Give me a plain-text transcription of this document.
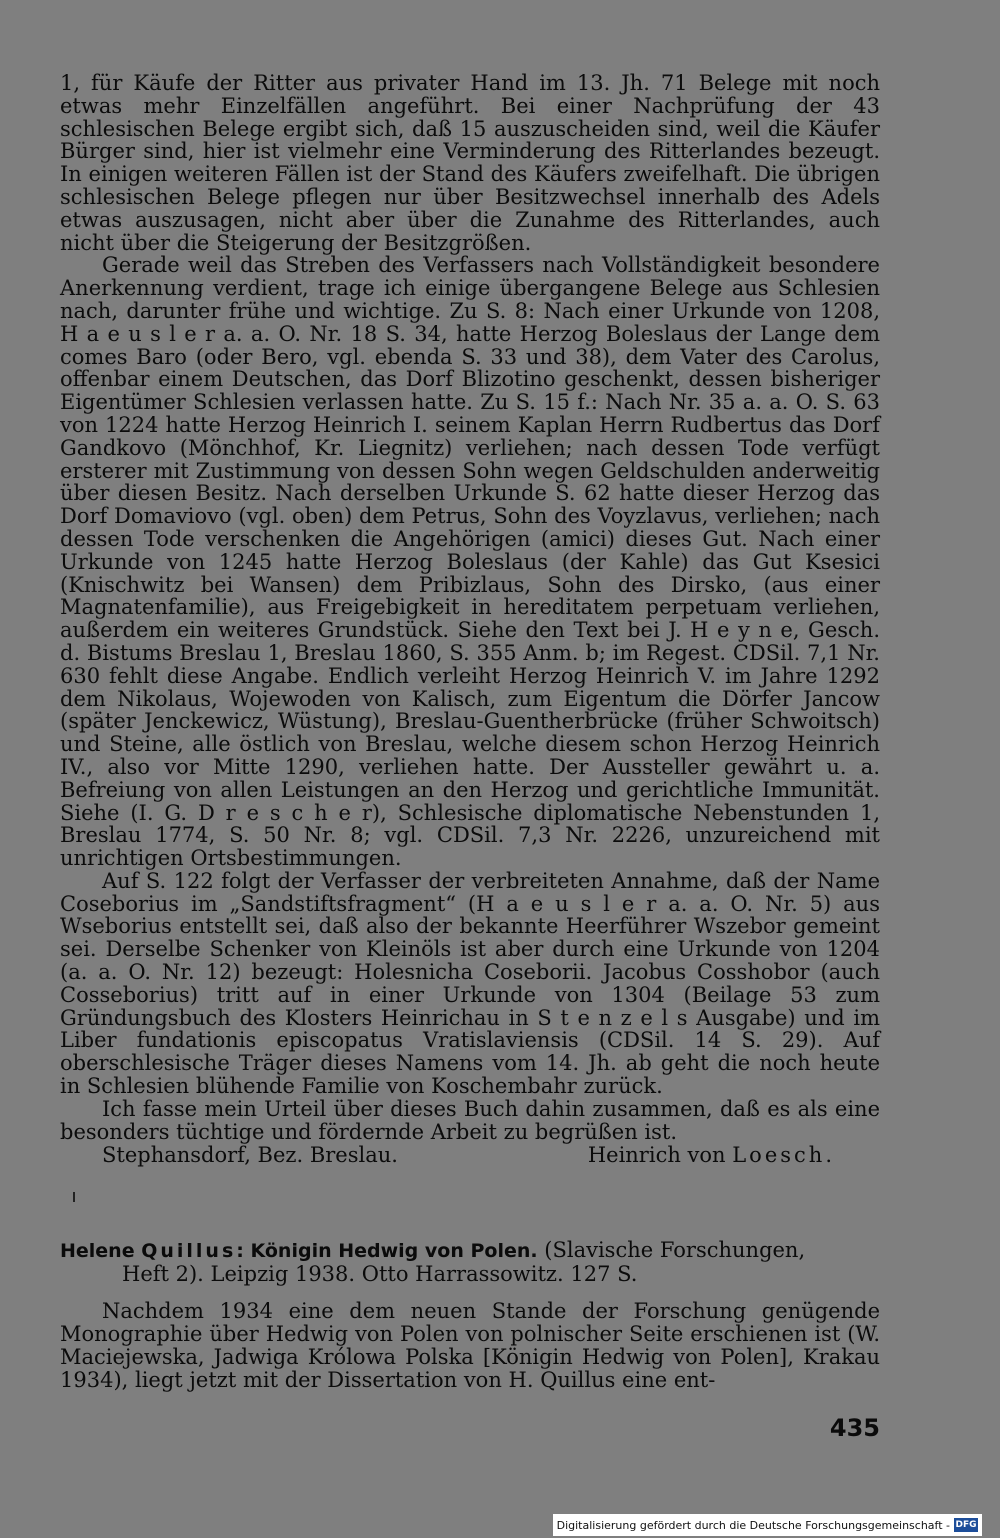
1, für Käufe der Ritter aus privater Hand im 13. Jh. 71 Belege mit noch etwas mehr Einzelfällen angeführt. Bei einer Nachprüfung der 43 schlesischen Belege ergibt sich, daß 15 auszuscheiden sind, weil die Käufer Bürger sind, hier ist vielmehr eine Verminderung des Ritterlandes bezeugt. In einigen weiteren Fällen ist der Stand des Käufers zweifelhaft. Die übrigen schlesischen Belege pflegen nur über Besitzwechsel innerhalb des Adels etwas auszusagen, nicht aber über die Zunahme des Ritterlandes, auch nicht über die Steigerung der Besitzgrößen.

Gerade weil das Streben des Verfassers nach Vollständigkeit besondere Anerkennung verdient, trage ich einige übergangene Belege aus Schlesien nach, darunter frühe und wichtige. Zu S. 8: Nach einer Urkunde von 1208, H a e u s l e r a. a. O. Nr. 18 S. 34, hatte Herzog Boleslaus der Lange dem comes Baro (oder Bero, vgl. ebenda S. 33 und 38), dem Vater des Carolus, offenbar einem Deutschen, das Dorf Blizotino geschenkt, dessen bisheriger Eigentümer Schlesien verlassen hatte. Zu S. 15 f.: Nach Nr. 35 a. a. O. S. 63 von 1224 hatte Herzog Heinrich I. seinem Kaplan Herrn Rudbertus das Dorf Gandkovo (Mönchhof, Kr. Liegnitz) verliehen; nach dessen Tode verfügt ersterer mit Zustimmung von dessen Sohn wegen Geldschulden anderweitig über diesen Besitz. Nach derselben Urkunde S. 62 hatte dieser Herzog das Dorf Domaviovo (vgl. oben) dem Petrus, Sohn des Voyzlavus, verliehen; nach dessen Tode verschenken die Angehörigen (amici) dieses Gut. Nach einer Urkunde von 1245 hatte Herzog Boleslaus (der Kahle) das Gut Ksesici (Knischwitz bei Wansen) dem Pribizlaus, Sohn des Dirsko, (aus einer Magnatenfamilie), aus Freigebigkeit in hereditatem perpetuam verliehen, außerdem ein weiteres Grundstück. Siehe den Text bei J. H e y n e, Gesch. d. Bistums Breslau 1, Breslau 1860, S. 355 Anm. b; im Regest. CDSil. 7,1 Nr. 630 fehlt diese Angabe. Endlich verleiht Herzog Heinrich V. im Jahre 1292 dem Nikolaus, Wojewoden von Kalisch, zum Eigentum die Dörfer Jancow (später Jenckewicz, Wüstung), Breslau-Guentherbrücke (früher Schwoitsch) und Steine, alle östlich von Breslau, welche diesem schon Herzog Heinrich IV., also vor Mitte 1290, verliehen hatte. Der Aussteller gewährt u. a. Befreiung von allen Leistungen an den Herzog und gerichtliche Immunität. Siehe (I. G. D r e s c h e r), Schlesische diplomatische Nebenstunden 1, Breslau 1774, S. 50 Nr. 8; vgl. CDSil. 7,3 Nr. 2226, unzureichend mit unrichtigen Ortsbestimmungen.

Auf S. 122 folgt der Verfasser der verbreiteten Annahme, daß der Name Coseborius im „Sandstiftsfragment“ (H a e u s l e r a. a. O. Nr. 5) aus Wseborius entstellt sei, daß also der bekannte Heerführer Wszebor gemeint sei. Derselbe Schenker von Kleinöls ist aber durch eine Urkunde von 1204 (a. a. O. Nr. 12) bezeugt: Holesnicha Coseborii. Jacobus Cosshobor (auch Cosseborius) tritt auf in einer Urkunde von 1304 (Beilage 53 zum Gründungsbuch des Klosters Heinrichau in S t e n z e l s Ausgabe) und im Liber fundationis episcopatus Vratislaviensis (CDSil. 14 S. 29). Auf oberschlesische Träger dieses Namens vom 14. Jh. ab geht die noch heute in Schlesien blühende Familie von Koschembahr zurück.

Ich fasse mein Urteil über dieses Buch dahin zusammen, daß es als eine besonders tüchtige und fördernde Arbeit zu begrüßen ist.

Stephansdorf, Bez. Breslau.	Heinrich von Loesch.
Helene Quillus: Königin Hedwig von Polen. (Slavische Forschungen,
Heft 2). Leipzig 1938. Otto Harrassowitz. 127 S.

Nachdem 1934 eine dem neuen Stande der Forschung genügende Monographie über Hedwig von Polen von polnischer Seite erschienen ist (W. Maciejewska, Jadwiga Królowa Polska [Königin Hedwig von Polen], Krakau 1934), liegt jetzt mit der Dissertation von H. Quillus eine ent-

435
Digitalisierung gefördert durch die Deutsche Forschungsgemeinschaft - DFG
